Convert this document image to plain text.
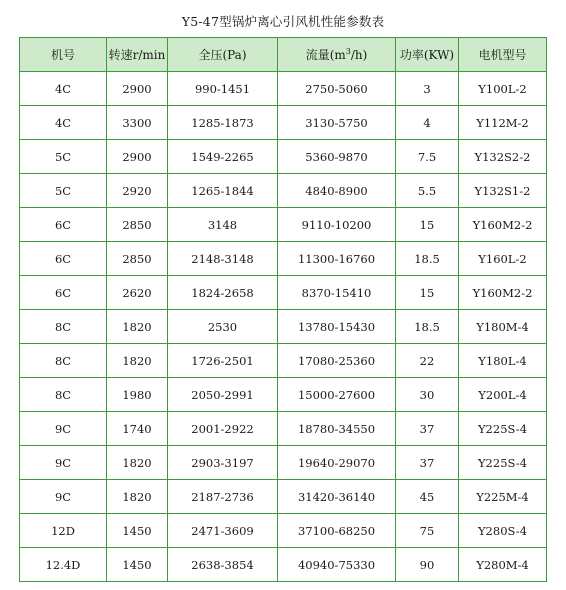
Y5-47型锅炉离心引风机性能参数表
机号	转速r/min	全压(Pa)	流量$(m^3/h)$	功率(KW)	电机型号
4C	2900	990-1451	2750-5060	3	Y100L-2
4C	3300	1285-1873	3130-5750	4	Y112M-2
5C	2900	1549-2265	5360-9870	7.5	Y132S2-2
5C	2920	1265-1844	4840-8900	5.5	Y132S1-2
6C	2850	3148	9110-10200	15	Y160M2-2
6C	2850	2148-3148	11300-16760	18.5	Y160L-2
6C	2620	1824-2658	8370-15410	15	Y160M2-2
8C	1820	2530	13780-15430	18.5	Y180M-4
8C	1820	1726-2501	17080-25360	22	Y180L-4
8C	1980	2050-2991	15000-27600	30	Y200L-4
9C	1740	2001-2922	18780-34550	37	Y225S-4
9C	1820	2903-3197	19640-29070	37	Y225S-4
9C	1820	2187-2736	31420-36140	45	Y225M-4
12D	1450	2471-3609	37100-68250	75	Y280S-4
12.4D	1450	2638-3854	40940-75330	90	Y280M-4
